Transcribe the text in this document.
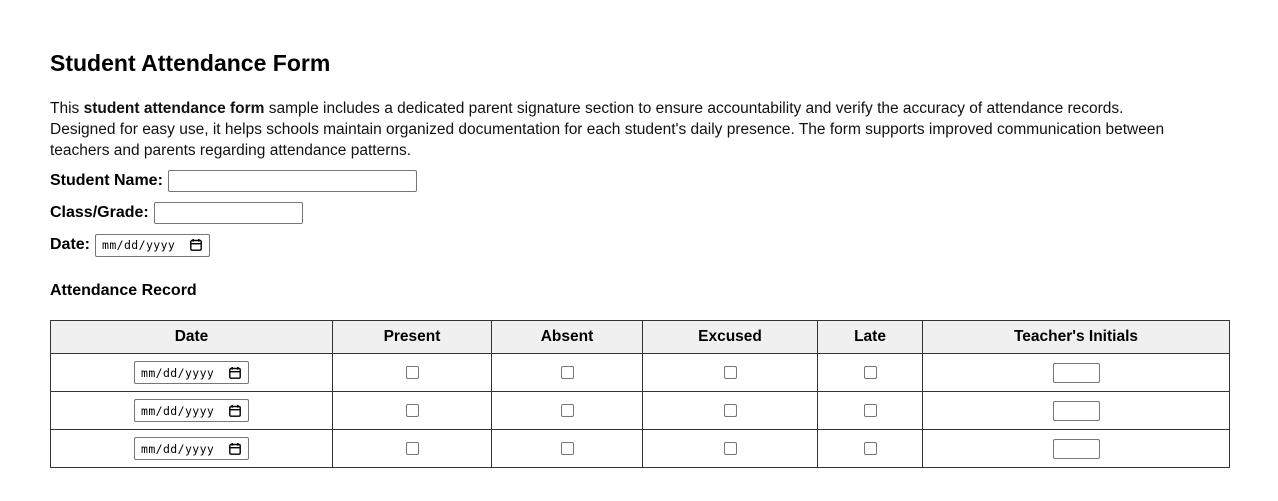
Student Attendance Form

This student attendance form sample includes a dedicated parent signature section to ensure accountability and verify the accuracy of attendance records.
Designed for easy use, it helps schools maintain organized documentation for each student's daily presence. The form supports improved communication between
teachers and parents regarding attendance patterns.

Student Name:
Class/Grade:
Date: mm/dd/yyyy
Attendance Record
Date	Present	Absent	Excused	Late	Teacher's Initials

mm/dd/yyyy

mm/dd/yyyy

mm/dd/yyyy
